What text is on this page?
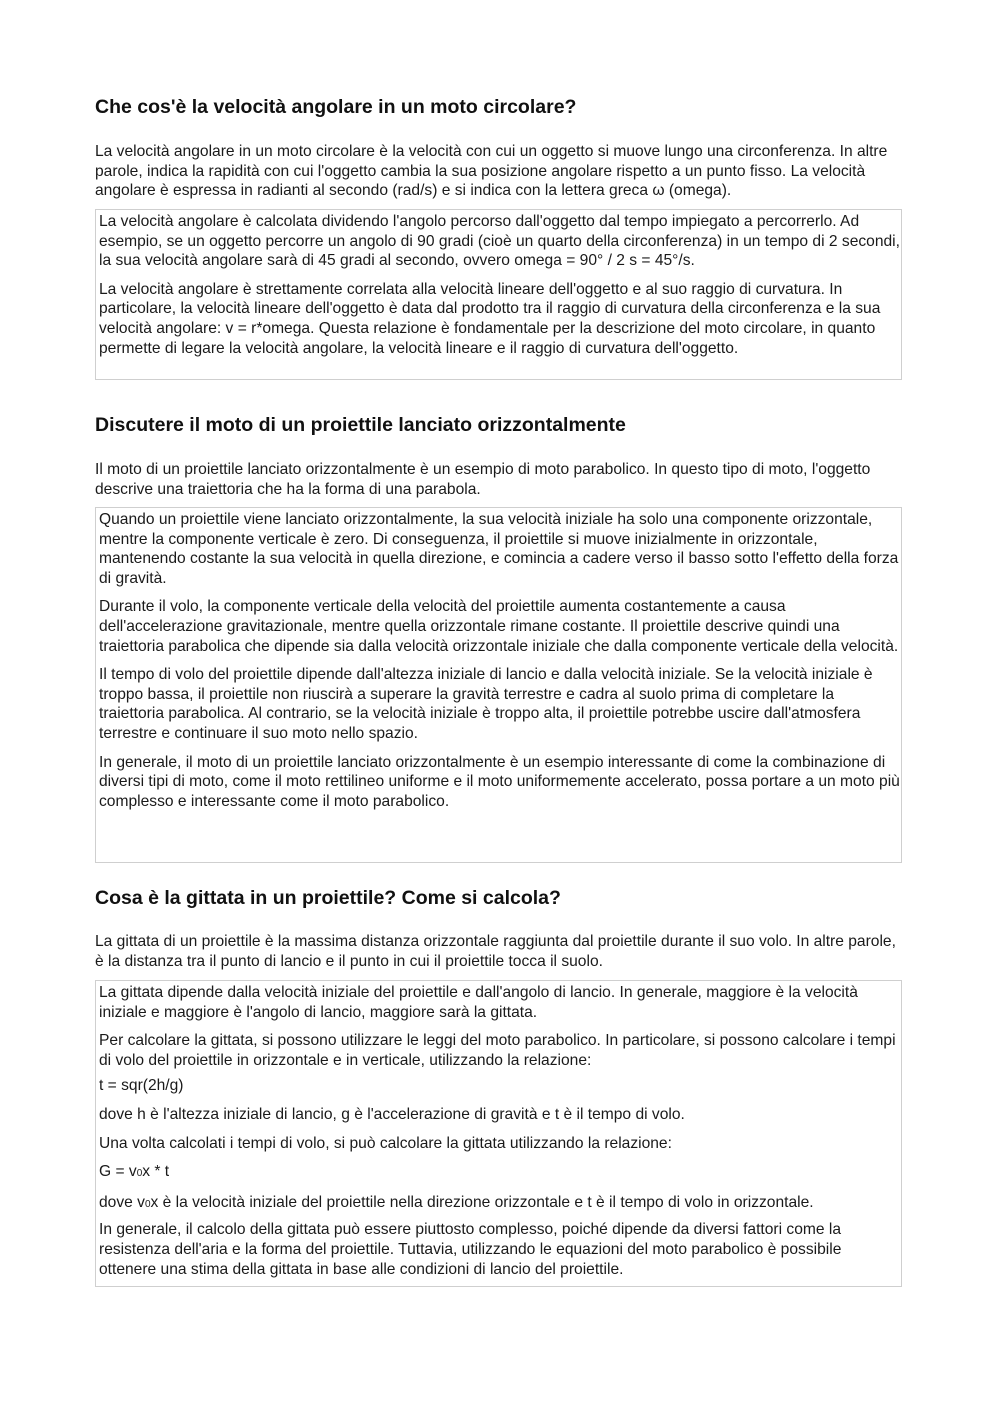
Che cos'è la velocità angolare in un moto circolare?

La velocità angolare in un moto circolare è la velocità con cui un oggetto si muove lungo una circonferenza. In altre parole, indica la rapidità con cui l'oggetto cambia la sua posizione angolare rispetto a un punto fisso. La velocità angolare è espressa in radianti al secondo (rad/s) e si indica con la lettera greca ω (omega).

La velocità angolare è calcolata dividendo l'angolo percorso dall'oggetto dal tempo impiegato a percorrerlo. Ad esempio, se un oggetto percorre un angolo di 90 gradi (cioè un quarto della circonferenza) in un tempo di 2 secondi, la sua velocità angolare sarà di 45 gradi al secondo, ovvero omega = 90° / 2 s = 45°/s.

La velocità angolare è strettamente correlata alla velocità lineare dell'oggetto e al suo raggio di curvatura. In particolare, la velocità lineare dell'oggetto è data dal prodotto tra il raggio di curvatura della circonferenza e la sua velocità angolare: v = r*omega. Questa relazione è fondamentale per la descrizione del moto circolare, in quanto permette di legare la velocità angolare, la velocità lineare e il raggio di curvatura dell'oggetto.

Discutere il moto di un proiettile lanciato orizzontalmente

Il moto di un proiettile lanciato orizzontalmente è un esempio di moto parabolico. In questo tipo di moto, l'oggetto descrive una traiettoria che ha la forma di una parabola.

Quando un proiettile viene lanciato orizzontalmente, la sua velocità iniziale ha solo una componente orizzontale, mentre la componente verticale è zero. Di conseguenza, il proiettile si muove inizialmente in orizzontale, mantenendo costante la sua velocità in quella direzione, e comincia a cadere verso il basso sotto l'effetto della forza di gravità.

Durante il volo, la componente verticale della velocità del proiettile aumenta costantemente a causa dell'accelerazione gravitazionale, mentre quella orizzontale rimane costante. Il proiettile descrive quindi una traiettoria parabolica che dipende sia dalla velocità orizzontale iniziale che dalla componente verticale della velocità.

Il tempo di volo del proiettile dipende dall'altezza iniziale di lancio e dalla velocità iniziale. Se la velocità iniziale è troppo bassa, il proiettile non riuscirà a superare la gravità terrestre e cadra al suolo prima di completare la traiettoria parabolica. Al contrario, se la velocità iniziale è troppo alta, il proiettile potrebbe uscire dall'atmosfera terrestre e continuare il suo moto nello spazio.

In generale, il moto di un proiettile lanciato orizzontalmente è un esempio interessante di come la combinazione di diversi tipi di moto, come il moto rettilineo uniforme e il moto uniformemente accelerato, possa portare a un moto più complesso e interessante come il moto parabolico.

Cosa è la gittata in un proiettile? Come si calcola?

La gittata di un proiettile è la massima distanza orizzontale raggiunta dal proiettile durante il suo volo. In altre parole, è la distanza tra il punto di lancio e il punto in cui il proiettile tocca il suolo.

La gittata dipende dalla velocità iniziale del proiettile e dall'angolo di lancio. In generale, maggiore è la velocità iniziale e maggiore è l'angolo di lancio, maggiore sarà la gittata.

Per calcolare la gittata, si possono utilizzare le leggi del moto parabolico. In particolare, si possono calcolare i tempi di volo del proiettile in orizzontale e in verticale, utilizzando la relazione:

t = sqr(2h/g)

dove h è l'altezza iniziale di lancio, g è l'accelerazione di gravità e t è il tempo di volo.

Una volta calcolati i tempi di volo, si può calcolare la gittata utilizzando la relazione:

G = v0x * t

dove v0x è la velocità iniziale del proiettile nella direzione orizzontale e t è il tempo di volo in orizzontale.

In generale, il calcolo della gittata può essere piuttosto complesso, poiché dipende da diversi fattori come la resistenza dell'aria e la forma del proiettile. Tuttavia, utilizzando le equazioni del moto parabolico è possibile ottenere una stima della gittata in base alle condizioni di lancio del proiettile.
